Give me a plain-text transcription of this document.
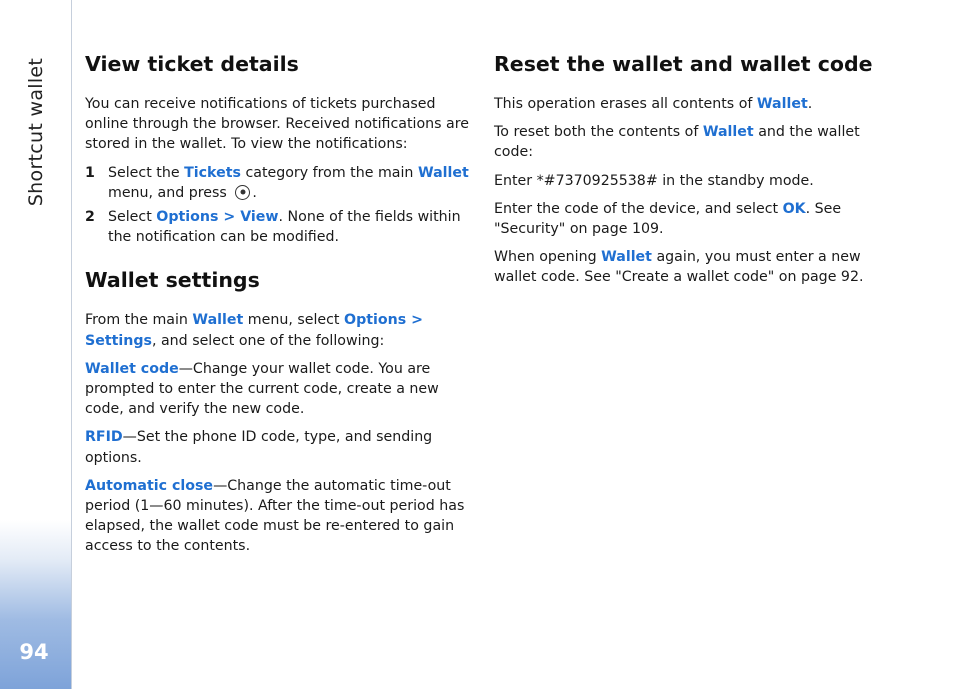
Shortcut wallet
94
View ticket details

You can receive notifications of tickets purchased online through the browser. Received notifications are stored in the wallet. To view the notifications:

1 Select the Tickets category from the main Wallet menu, and press .
2 Select Options > View. None of the fields within the notification can be modified.
Wallet settings

From the main Wallet menu, select Options > Settings, and select one of the following:

Wallet code—Change your wallet code. You are prompted to enter the current code, create a new code, and verify the new code.

RFID—Set the phone ID code, type, and sending options.

Automatic close—Change the automatic time-out period (1—60 minutes). After the time-out period has elapsed, the wallet code must be re-entered to gain access to the contents.

Reset the wallet and wallet code

This operation erases all contents of Wallet.

To reset both the contents of Wallet and the wallet code:

Enter *#7370925538# in the standby mode.

Enter the code of the device, and select OK. See "Security" on page 109.

When opening Wallet again, you must enter a new wallet code. See "Create a wallet code" on page 92.
